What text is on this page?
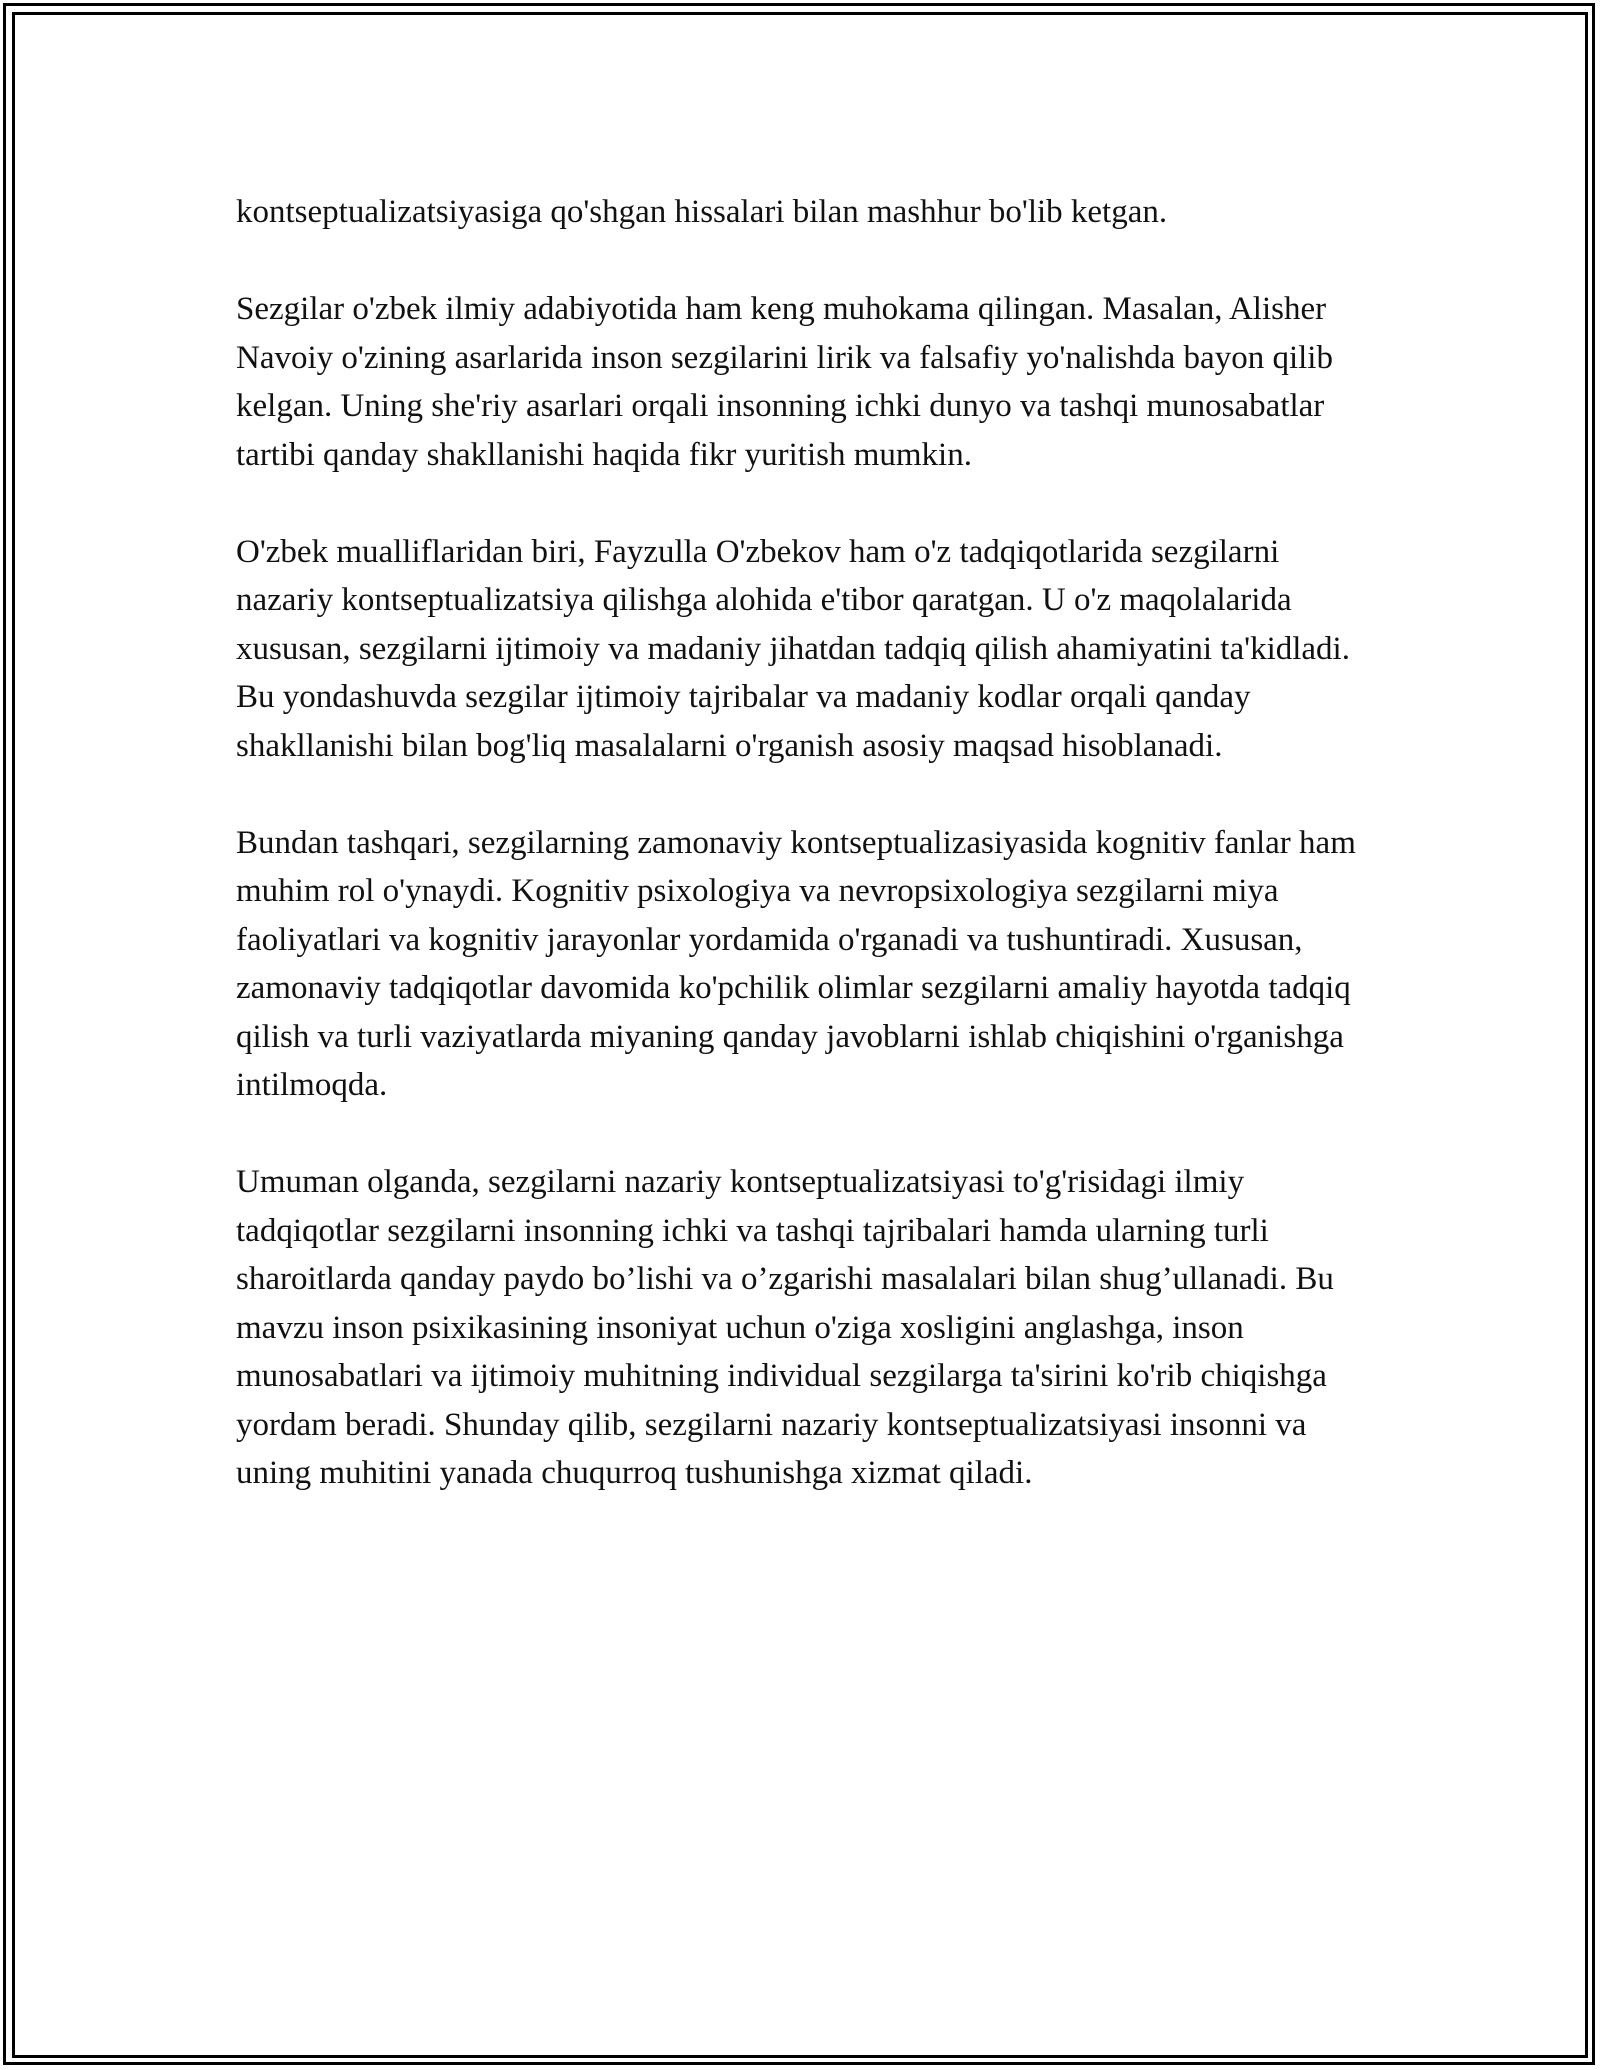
kontseptualizatsiyasiga qo'shgan hissalari bilan mashhur bo'lib ketgan.

Sezgilar o'zbek ilmiy adabiyotida ham keng muhokama qilingan. Masalan, Alisher Navoiy o'zining asarlarida inson sezgilarini lirik va falsafiy yo'nalishda bayon qilib kelgan. Uning she'riy asarlari orqali insonning ichki dunyo va tashqi munosabatlar tartibi qanday shakllanishi haqida fikr yuritish mumkin.

O'zbek mualliflaridan biri, Fayzulla O'zbekov ham o'z tadqiqotlarida sezgilarni nazariy kontseptualizatsiya qilishga alohida e'tibor qaratgan. U o'z maqolalarida xususan, sezgilarni ijtimoiy va madaniy jihatdan tadqiq qilish ahamiyatini ta'kidladi. Bu yondashuvda sezgilar ijtimoiy tajribalar va madaniy kodlar orqali qanday shakllanishi bilan bog'liq masalalarni o'rganish asosiy maqsad hisoblanadi.

Bundan tashqari, sezgilarning zamonaviy kontseptualizasiyasida kognitiv fanlar ham muhim rol o'ynaydi. Kognitiv psixologiya va nevropsixologiya sezgilarni miya faoliyatlari va kognitiv jarayonlar yordamida o'rganadi va tushuntiradi. Xususan, zamonaviy tadqiqotlar davomida ko'pchilik olimlar sezgilarni amaliy hayotda tadqiq qilish va turli vaziyatlarda miyaning qanday javoblarni ishlab chiqishini o'rganishga intilmoqda.

Umuman olganda, sezgilarni nazariy kontseptualizatsiyasi to'g'risidagi ilmiy tadqiqotlar sezgilarni insonning ichki va tashqi tajribalari hamda ularning turli sharoitlarda qanday paydo bo’lishi va o’zgarishi masalalari bilan shug’ullanadi. Bu mavzu inson psixikasining insoniyat uchun o'ziga xosligini anglashga, inson munosabatlari va ijtimoiy muhitning individual sezgilarga ta'sirini ko'rib chiqishga yordam beradi. Shunday qilib, sezgilarni nazariy kontseptualizatsiyasi insonni va uning muhitini yanada chuqurroq tushunishga xizmat qiladi.
